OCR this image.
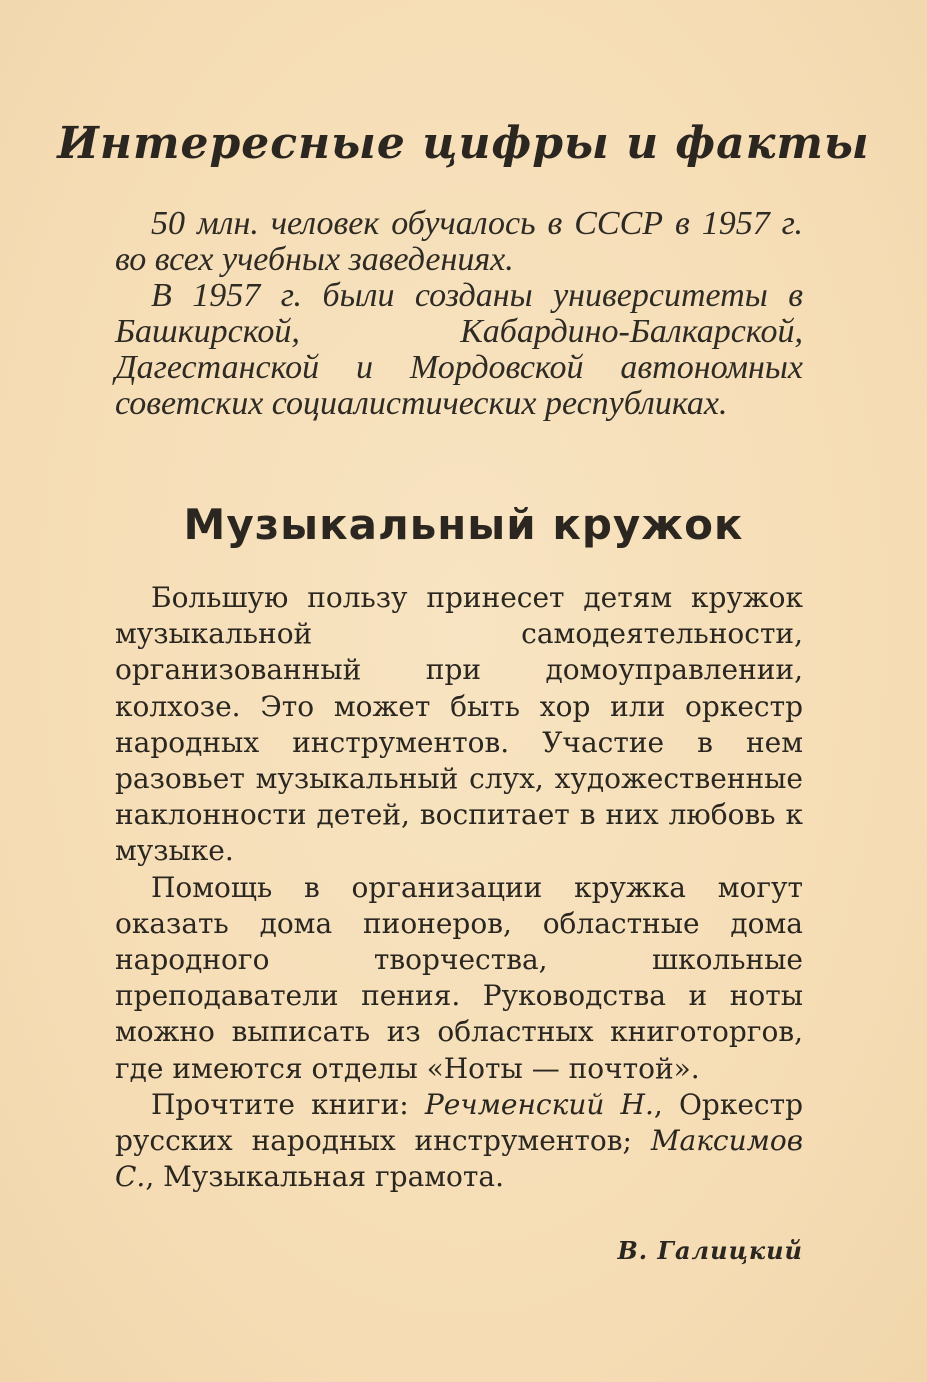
Интересные цифры и факты

50 млн. человек обучалось в СССР в 1957 г. во всех учебных заведениях.

В 1957 г. были созданы университеты в Башкирской, Кабардино-Балкарской, Дагестанской и Мордовской автономных советских социалистических республиках.

Музыкальный кружок

Большую пользу принесет детям кружок музыкальной самодеятельности, организованный при домоуправлении, колхозе. Это может быть хор или оркестр народных инструментов. Участие в нем разовьет музыкальный слух, художественные наклонности детей, воспитает в них любовь к музыке.

Помощь в организации кружка могут оказать дома пионеров, областные дома народного творчества, школьные преподаватели пения. Руководства и ноты можно выписать из областных книготоргов, где имеются отделы «Ноты — почтой».

Прочтите книги: Речменский Н., Оркестр русских народных инструментов; Максимов С., Музыкальная грамота.

В. Галицкий
